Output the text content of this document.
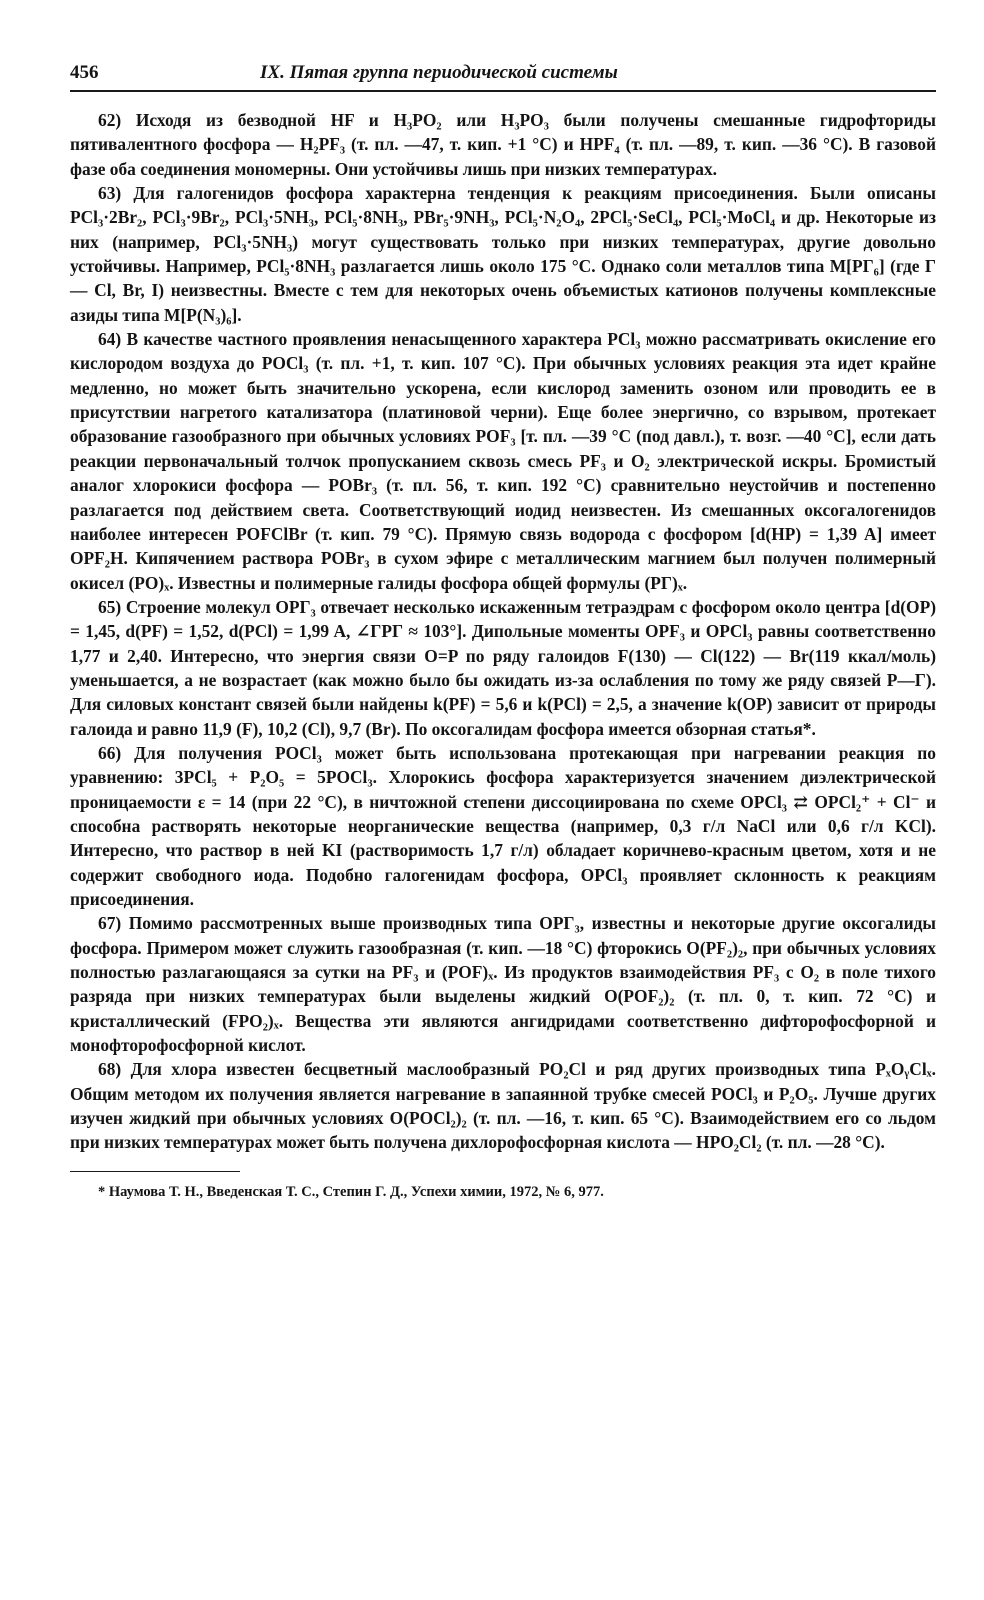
456	IX. Пятая группа периодической системы

62) Исходя из безводной HF и H₃PO₂ или H₃PO₃ были получены смешанные гидрофториды пятивалентного фосфора — H₂PF₃ (т. пл. —47, т. кип. +1 °С) и HPF₄ (т. пл. —89, т. кип. —36 °С). В газовой фазе оба соединения мономерны. Они устойчивы лишь при низких температурах.

63) Для галогенидов фосфора характерна тенденция к реакциям присоединения. Были описаны PCl₃·2Br₂, PCl₃·9Br₂, PCl₃·5NH₃, PCl₅·8NH₃, PBr₅·9NH₃, PCl₅·N₂O₄, 2PCl₅·SeCl₄, PCl₅·MoCl₄ и др. Некоторые из них (например, PCl₃·5NH₃) могут существовать только при низких температурах, другие довольно устойчивы. Например, PCl₅·8NH₃ разлагается лишь около 175 °С. Однако соли металлов типа M[PГ₆] (где Г — Cl, Br, I) неизвестны. Вместе с тем для некоторых очень объемистых катионов получены комплексные азиды типа M[P(N₃)₆].

64) В качестве частного проявления ненасыщенного характера PCl₃ можно рассматривать окисление его кислородом воздуха до POCl₃ (т. пл. +1, т. кип. 107 °С). При обычных условиях реакция эта идет крайне медленно, но может быть значительно ускорена, если кислород заменить озоном или проводить ее в присутствии нагретого катализатора (платиновой черни). Еще более энергично, со взрывом, протекает образование газообразного при обычных условиях POF₃ [т. пл. —39 °С (под давл.), т. возг. —40 °С], если дать реакции первоначальный толчок пропусканием сквозь смесь PF₃ и O₂ электрической искры. Бромистый аналог хлорокиси фосфора — POBr₃ (т. пл. 56, т. кип. 192 °С) сравнительно неустойчив и постепенно разлагается под действием света. Соответствующий иодид неизвестен. Из смешанных оксогалогенидов наиболее интересен POFClBr (т. кип. 79 °С). Прямую связь водорода с фосфором [d(HP) = 1,39 A] имеет OPF₂H. Кипячением раствора POBr₃ в сухом эфире с металлическим магнием был получен полимерный окисел (PO)ₓ. Известны и полимерные галиды фосфора общей формулы (PГ)ₓ.

65) Строение молекул OPГ₃ отвечает несколько искаженным тетраэдрам с фосфором около центра [d(OP) = 1,45, d(PF) = 1,52, d(PCl) = 1,99 A, ∠ГРГ ≈ 103°]. Дипольные моменты OPF₃ и OPCl₃ равны соответственно 1,77 и 2,40. Интересно, что энергия связи O=P по ряду галоидов F(130) — Cl(122) — Br(119 ккал/моль) уменьшается, а не возрастает (как можно было бы ожидать из-за ослабления по тому же ряду связей P—Г). Для силовых констант связей были найдены k(PF) = 5,6 и k(PCl) = 2,5, а значение k(OP) зависит от природы галоида и равно 11,9 (F), 10,2 (Cl), 9,7 (Br). По оксогалидам фосфора имеется обзорная статья*.

66) Для получения POCl₃ может быть использована протекающая при нагревании реакция по уравнению: 3PCl₅ + P₂O₅ = 5POCl₃. Хлорокись фосфора характеризуется значением диэлектрической проницаемости ε = 14 (при 22 °С), в ничтожной степени диссоциирована по схеме OPCl₃ ⇄ OPCl₂⁺ + Cl⁻ и способна растворять некоторые неорганические вещества (например, 0,3 г/л NaCl или 0,6 г/л KCl). Интересно, что раствор в ней KI (растворимость 1,7 г/л) обладает коричнево-красным цветом, хотя и не содержит свободного иода. Подобно галогенидам фосфора, OPCl₃ проявляет склонность к реакциям присоединения.

67) Помимо рассмотренных выше производных типа OPГ₃, известны и некоторые другие оксогалиды фосфора. Примером может служить газообразная (т. кип. —18 °С) фторокись O(PF₂)₂, при обычных условиях полностью разлагающаяся за сутки на PF₃ и (POF)ₓ. Из продуктов взаимодействия PF₃ с O₂ в поле тихого разряда при низких температурах были выделены жидкий O(POF₂)₂ (т. пл. 0, т. кип. 72 °С) и кристаллический (FPO₂)ₓ. Вещества эти являются ангидридами соответственно дифторофосфорной и монофторофосфорной кислот.

68) Для хлора известен бесцветный маслообразный PO₂Cl и ряд других производных типа PₓOᵧClₓ. Общим методом их получения является нагревание в запаянной трубке смесей POCl₃ и P₂O₅. Лучше других изучен жидкий при обычных условиях O(POCl₂)₂ (т. пл. —16, т. кип. 65 °С). Взаимодействием его со льдом при низких температурах может быть получена дихлорофосфорная кислота — HPO₂Cl₂ (т. пл. —28 °С).

* Наумова Т. Н., Введенская Т. С., Степин Г. Д., Успехи химии, 1972, № 6, 977.
